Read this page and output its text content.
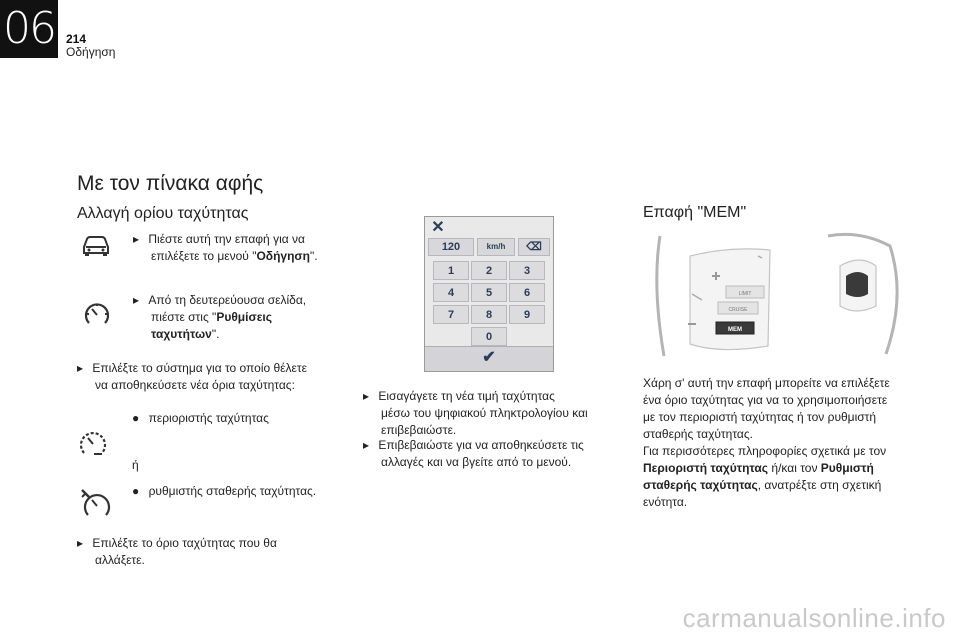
06 214
Οδήγηση
Με τον πίνακα αφής
Αλλαγή ορίου ταχύτητας
▸ Πιέστε αυτή την επαφή για να
επιλέξετε το μενού "Οδήγηση".
▸ Από τη δευτερεύουσα σελίδα,
πιέστε στις "Ρυθμίσεις
ταχυτήτων".
▸ Επιλέξτε το σύστημα για το οποίο θέλετε
να αποθηκεύσετε νέα όρια ταχύτητας:
● περιοριστής ταχύτητας
ή
● ρυθμιστής σταθερής ταχύτητας.
▸ Επιλέξτε το όριο ταχύτητας που θα
αλλάξετε.
✕
120	km/h	⌫
1	2	3
4	5	6
7	8	9
0
✔
▸ Εισαγάγετε τη νέα τιμή ταχύτητας
μέσω του ψηφιακού πληκτρολογίου και
επιβεβαιώστε.
▸ Επιβεβαιώστε για να αποθηκεύσετε τις
αλλαγές και να βγείτε από το μενού.
Επαφή "MEM"
LIMIT
CRUISE
MEM
Χάρη σ' αυτή την επαφή μπορείτε να επιλέξετε
ένα όριο ταχύτητας για να το χρησιμοποιήσετε
με τον περιοριστή ταχύτητας ή τον ρυθμιστή
σταθερής ταχύτητας.
Για περισσότερες πληροφορίες σχετικά με τον
Περιοριστή ταχύτητας ή/και τον Ρυθμιστή
σταθερής ταχύτητας, ανατρέξτε στη σχετική
ενότητα.
carmanualsonline.info
